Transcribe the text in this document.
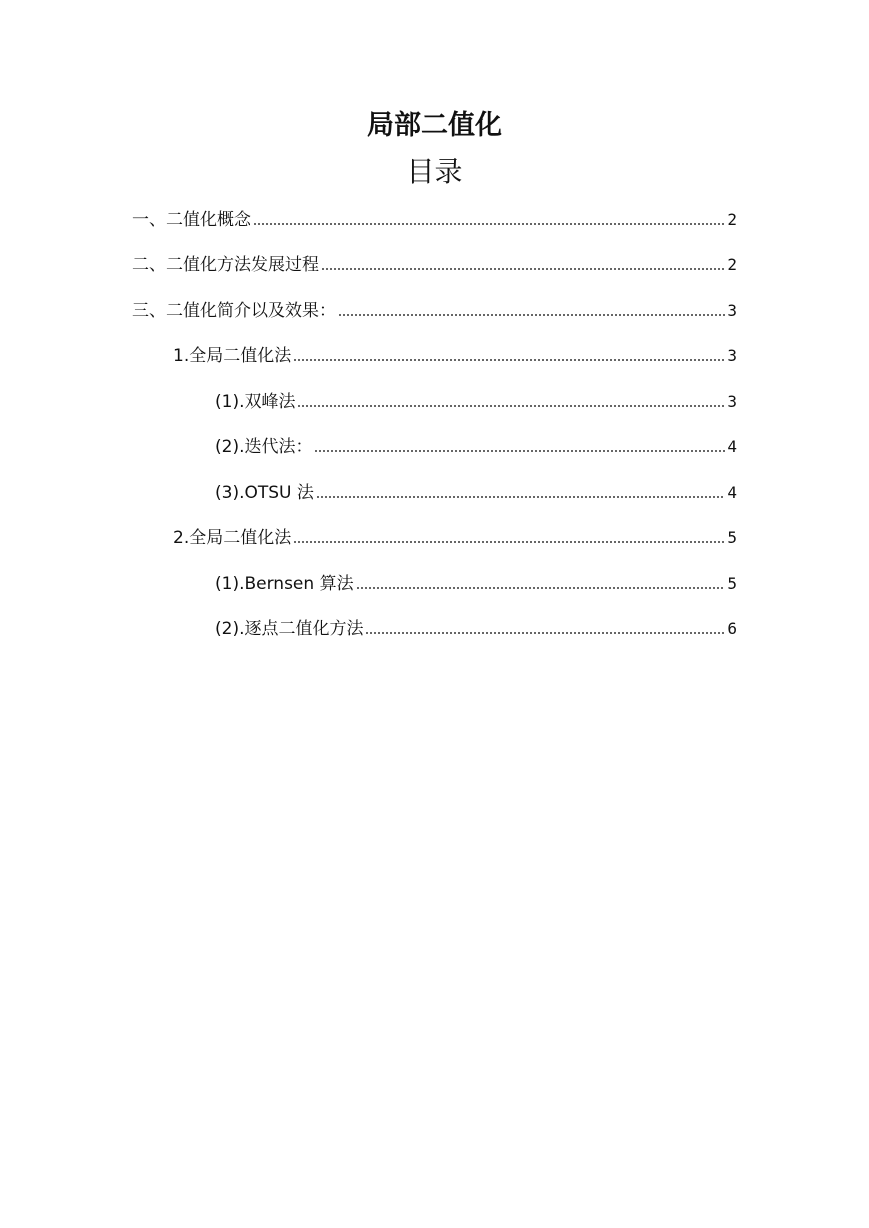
局部二值化
目录
一、二值化概念	2
二、二值化方法发展过程	2
三、二值化简介以及效果：	3
1.全局二值化法	3
(1).双峰法	3
(2).迭代法：	4
(3).OTSU 法	4
2.全局二值化法	5
(1).Bernsen 算法	5
(2).逐点二值化方法	6
